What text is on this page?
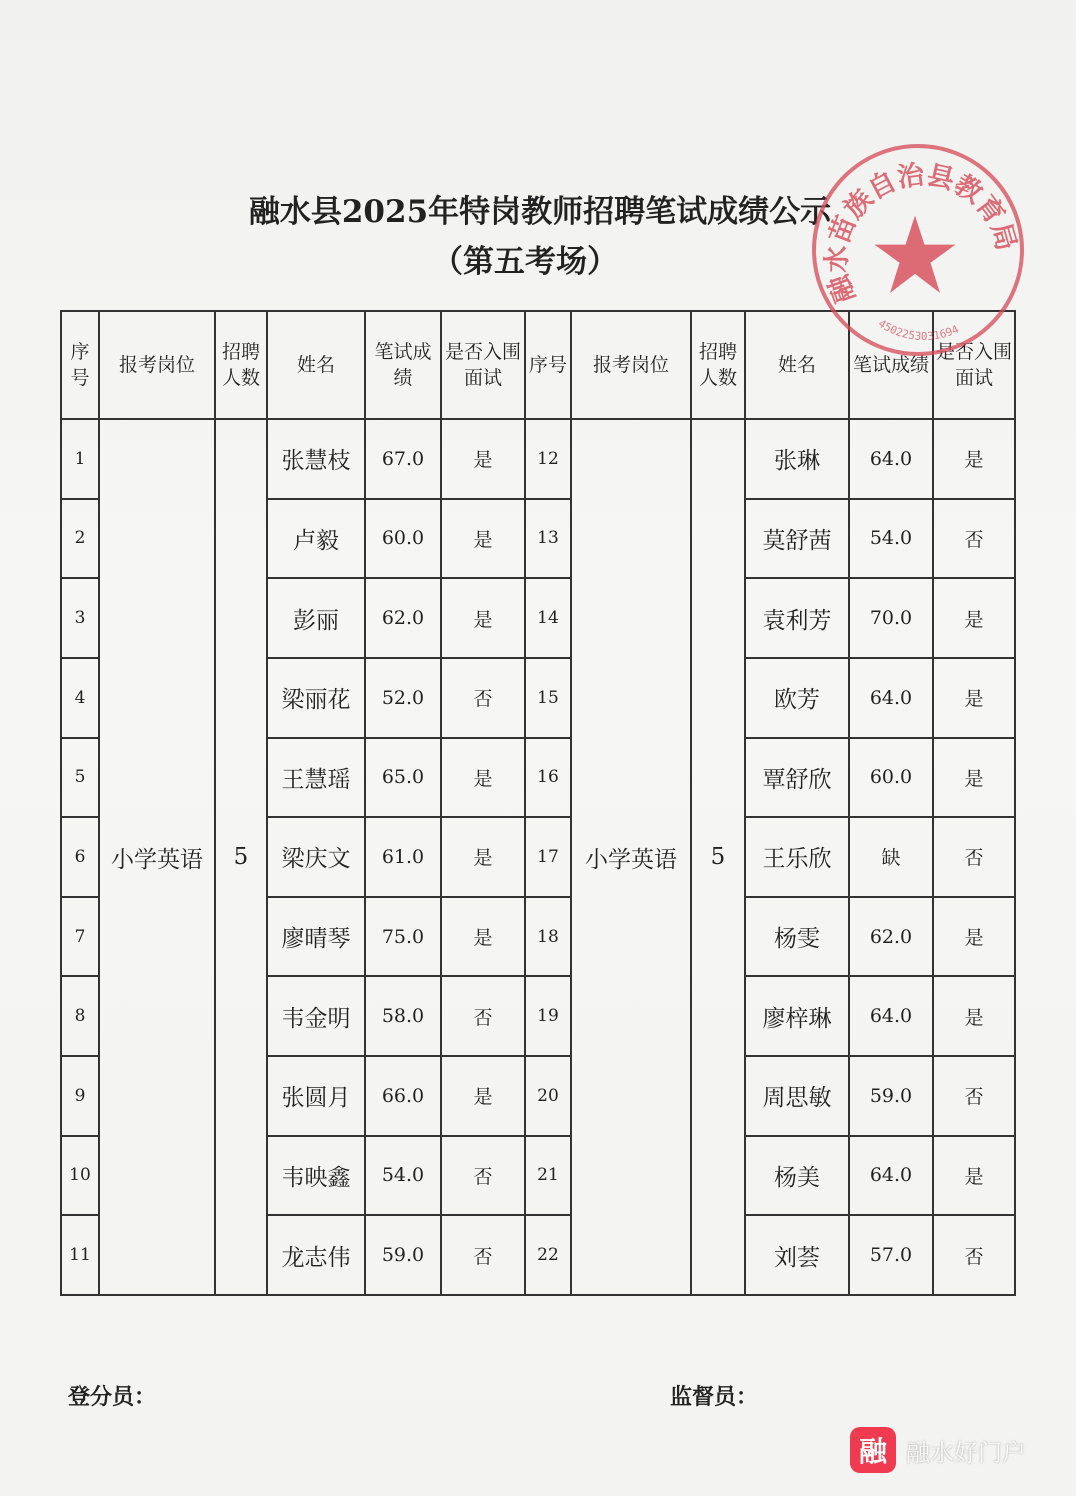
融水县2025年特岗教师招聘笔试成绩公示
（第五考场）
序号	报考岗位	招聘人数	姓名	笔试成绩	是否入围面试	序号	报考岗位	招聘人数	姓名	笔试成绩	是否入围面试
1	小学英语	5	张慧枝	67.0	是	12	小学英语	5	张琳	64.0	是
2			卢毅	60.0	是	13			莫舒茜	54.0	否
3			彭丽	62.0	是	14			袁利芳	70.0	是
4			梁丽花	52.0	否	15			欧芳	64.0	是
5			王慧瑶	65.0	是	16			覃舒欣	60.0	是
6			梁庆文	61.0	是	17			王乐欣	缺	否
7			廖晴琴	75.0	是	18			杨雯	62.0	是
8			韦金明	58.0	否	19			廖梓琳	64.0	是
9			张圆月	66.0	是	20			周思敏	59.0	否
10			韦映鑫	54.0	否	21			杨美	64.0	是
11			龙志伟	59.0	否	22			刘荟	57.0	否
融水苗族自治县教育局
4502253031694
登分员：	监督员：
融 融水好门户
